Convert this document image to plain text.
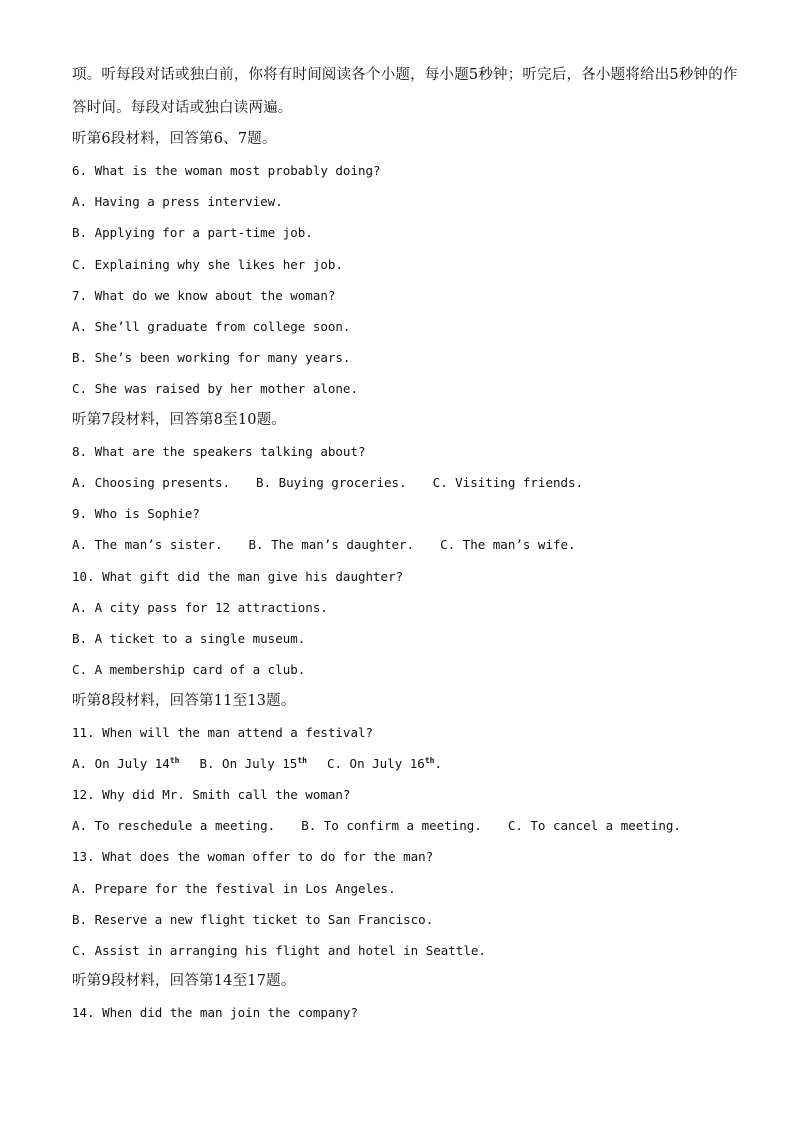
项。听每段对话或独白前，你将有时间阅读各个小题，每小题5秒钟；听完后，各小题将给出5秒钟的作
答时间。每段对话或独白读两遍。
听第6段材料，回答第6、7题。
6. What is the woman most probably doing?
A. Having a press interview.
B. Applying for a part-time job.
C. Explaining why she likes her job.
7. What do we know about the woman?
A. She’ll graduate from college soon.
B. She’s been working for many years.
C. She was raised by her mother alone.
听第7段材料，回答第8至10题。
8. What are the speakers talking about?
A. Choosing presents. B. Buying groceries. C. Visiting friends.
9. Who is Sophie?
A. The man’s sister. B. The man’s daughter. C. The man’s wife.
10. What gift did the man give his daughter?
A. A city pass for 12 attractions.
B. A ticket to a single museum.
C. A membership card of a club.
听第8段材料，回答第11至13题。
11. When will the man attend a festival?
A. On July 14th B. On July 15th C. On July 16th.
12. Why did Mr. Smith call the woman?
A. To reschedule a meeting. B. To confirm a meeting. C. To cancel a meeting.
13. What does the woman offer to do for the man?
A. Prepare for the festival in Los Angeles.
B. Reserve a new flight ticket to San Francisco.
C. Assist in arranging his flight and hotel in Seattle.
听第9段材料，回答第14至17题。
14. When did the man join the company?
